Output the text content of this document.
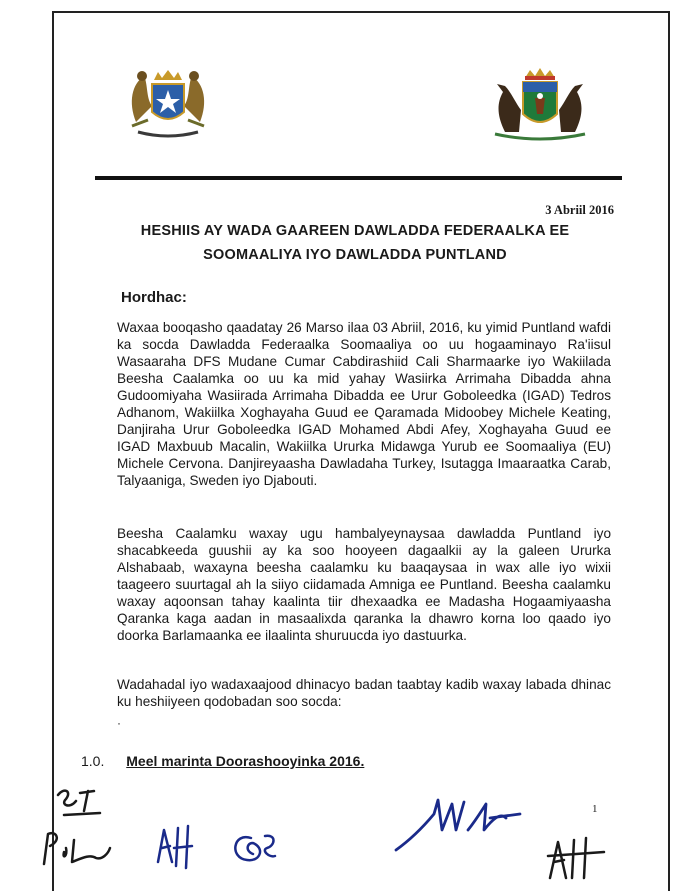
3 Abriil 2016
HESHIIS AY WADA GAAREEN DAWLADDA FEDERAALKA EE
SOOMAALIYA IYO DAWLADDA PUNTLAND
Hordhac:
Waxaa booqasho qaadatay 26 Marso ilaa 03 Abriil, 2016, ku yimid Puntland wafdi ka socda Dawladda Federaalka Soomaaliya oo uu hogaaminayo Ra'iisul Wasaaraha DFS Mudane Cumar Cabdirashiid Cali Sharmaarke iyo Wakiilada Beesha Caalamka oo uu ka mid yahay Wasiirka Arrimaha Dibadda ahna Gudoomiyaha Wasiirada Arrimaha Dibadda ee Urur Goboleedka (IGAD) Tedros Adhanom, Wakiilka Xoghayaha Guud ee Qaramada Midoobey Michele Keating, Danjiraha Urur Goboleedka IGAD Mohamed Abdi Afey, Xoghayaha Guud ee IGAD Maxbuub Macalin, Wakiilka Ururka Midawga Yurub ee Soomaaliya (EU) Michele Cervona. Danjireyaasha Dawladaha Turkey, Isutagga Imaaraatka Carab, Talyaaniga, Sweden iyo Djabouti.
Beesha Caalamku waxay ugu hambalyeynaysaa dawladda Puntland iyo shacabkeeda guushii ay ka soo hooyeen dagaalkii ay la galeen Ururka Alshabaab, waxayna beesha caalamku ku baaqaysaa in wax alle iyo wixii taageero suurtagal ah la siiyo ciidamada Amniga ee Puntland. Beesha caalamku waxay aqoonsan tahay kaalinta tiir dhexaadka ee Madasha Hogaamiyaasha Qaranka kaga aadan in masaalixda qaranka la dhawro korna loo qaado iyo doorka Barlamaanka ee ilaalinta shuruucda iyo dastuurka.
Wadahadal iyo wadaxaajood dhinacyo badan taabtay kadib waxay labada dhinac ku heshiiyeen qodobadan soo socda:
·
1.0. Meel marinta Doorashooyinka 2016.
1
